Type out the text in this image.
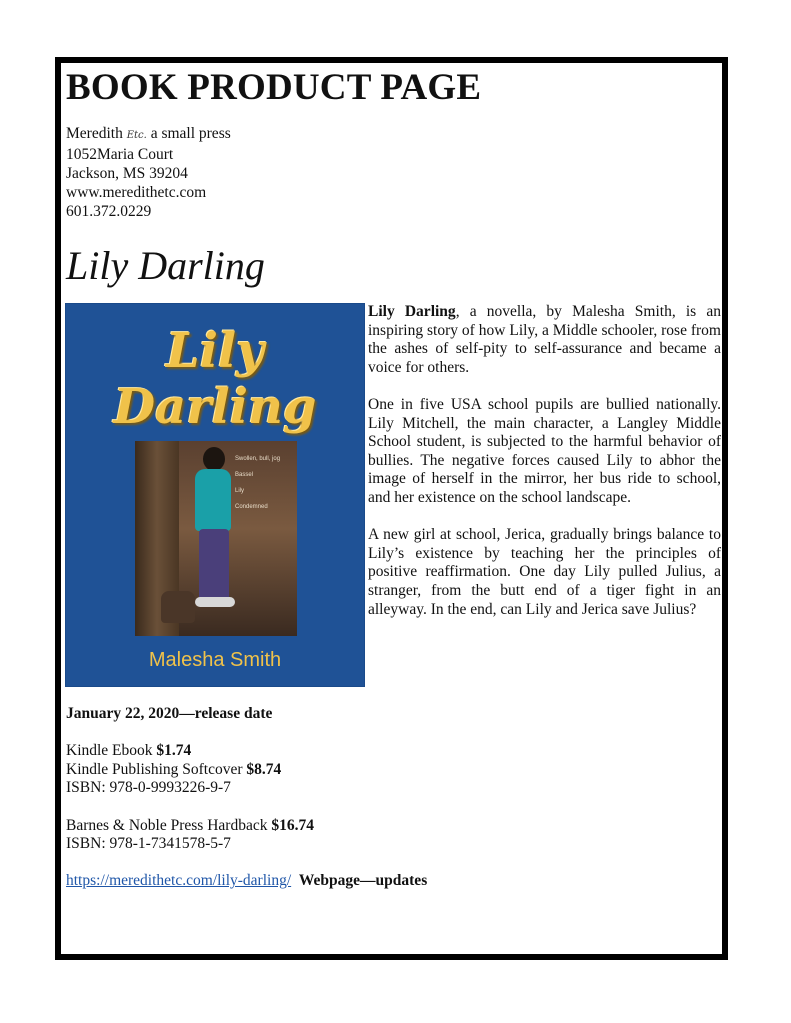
BOOK PRODUCT PAGE
Meredith Etc. a small press
1052Maria Court
Jackson, MS 39204
www.meredithetc.com
601.372.0229
Lily Darling
Lily Darling
Swollen, bull, jog
Bassel
Lily
Condemned
Malesha Smith

Lily Darling, a novella, by Malesha Smith, is an inspiring story of how Lily, a Middle schooler, rose from the ashes of self-pity to self-assurance and became a voice for others.

One in five USA school pupils are bullied nationally. Lily Mitchell, the main character, a Langley Middle School student, is subjected to the harmful behavior of bullies. The negative forces caused Lily to abhor the image of herself in the mirror, her bus ride to school, and her existence on the school landscape.

A new girl at school, Jerica, gradually brings balance to Lily’s existence by teaching her the principles of positive reaffirmation. One day Lily pulled Julius, a stranger, from the butt end of a tiger fight in an alleyway. In the end, can Lily and Jerica save Julius?

January 22, 2020—release date
Kindle Ebook $1.74
Kindle Publishing Softcover $8.74
ISBN: 978-0-9993226-9-7
Barnes & Noble Press Hardback $16.74
ISBN: 978-1-7341578-5-7
https://meredithetc.com/lily-darling/ Webpage—updates
